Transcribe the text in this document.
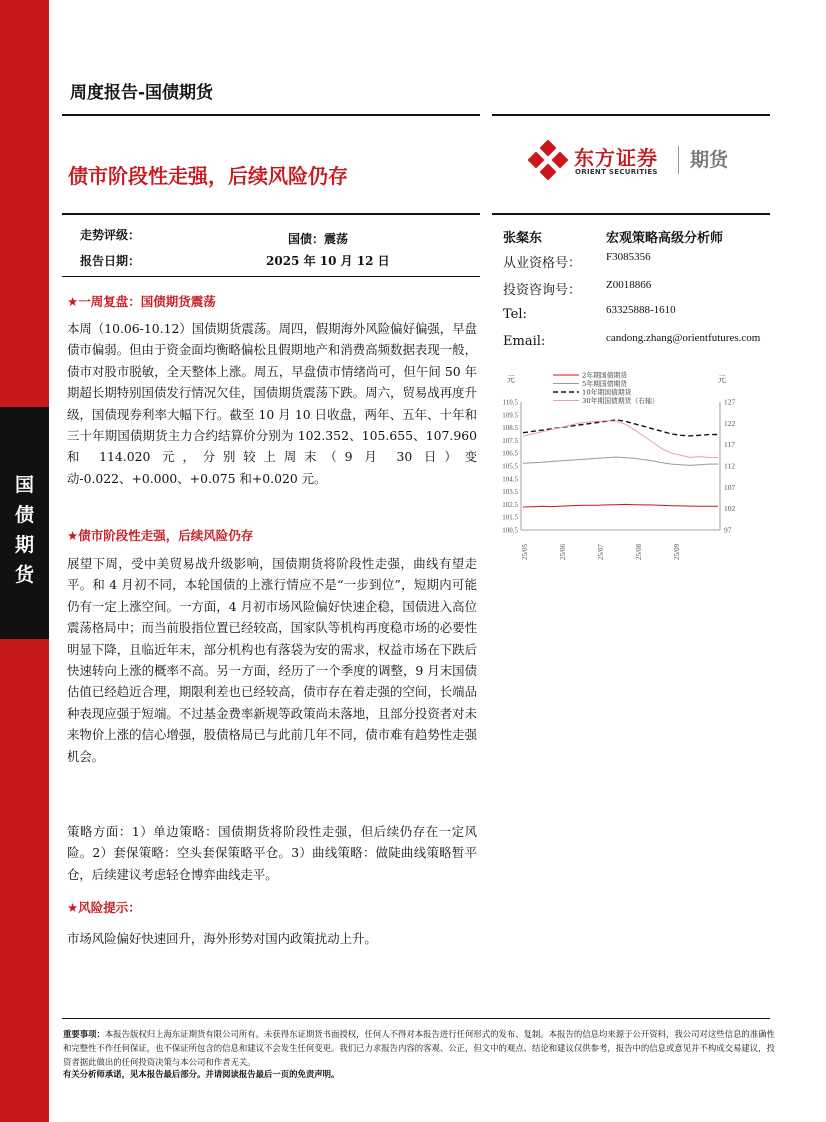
国
债
期
货
周度报告-国债期货
债市阶段性走强，后续风险仍存
东方证券
ORIENT SECURITIES
期货
走势评级：	国债：震荡
报告日期：	2025 年 10 月 12 日
张粲东	宏观策略高级分析师
从业资格号： F3085356
投资咨询号： Z0018866
Tel:	63325888-1610
Email:	candong.zhang@orientfutures.com
★一周复盘：国债期货震荡
本周（10.06-10.12）国债期货震荡。周四，假期海外风险偏好偏强，早盘债市偏弱。但由于资金面均衡略偏松且假期地产和消费高频数据表现一般，债市对股市脱敏，全天整体上涨。周五，早盘债市情绪尚可，但午间 50 年期超长期特别国债发行情况欠佳，国债期货震荡下跌。周六，贸易战再度升级，国债现券利率大幅下行。截至 10 月 10 日收盘，两年、五年、十年和三十年期国债期货主力合约结算价分别为 102.352、105.655、107.960 和 114.020 元，分别较上周末（9 月 30 日）变动-0.022、+0.000、+0.075 和+0.020 元。
★债市阶段性走强，后续风险仍存
展望下周，受中美贸易战升级影响，国债期货将阶段性走强，曲线有望走平。和 4 月初不同，本轮国债的上涨行情应不是“一步到位”，短期内可能仍有一定上涨空间。一方面，4 月初市场风险偏好快速企稳，国债进入高位震荡格局中；而当前股指位置已经较高，国家队等机构再度稳市场的必要性明显下降，且临近年末，部分机构也有落袋为安的需求，权益市场在下跌后快速转向上涨的概率不高。另一方面，经历了一个季度的调整，9 月末国债估值已经趋近合理，期限利差也已经较高，债市存在着走强的空间，长端品种表现应强于短端。不过基金费率新规等政策尚未落地，且部分投资者对未来物价上涨的信心增强，股债格局已与此前几年不同，债市难有趋势性走强机会。
策略方面：1）单边策略：国债期货将阶段性走强，但后续仍存在一定风险。2）套保策略：空头套保策略平仓。3）曲线策略：做陡曲线策略暂平仓，后续建议考虑轻仓博弈曲线走平。
★风险提示：
市场风险偏好快速回升，海外形势对国内政策扰动上升。
元	元
110.5
109.5
108.5
107.5
106.5
105.5
104.5
103.5
102.5
101.5
100.5
127
122
117
112
107
102
97
25/05	25/06	25/07	25/08	25/09
2年期国债期货
5年期国债期货
10年期国债期货
30年期国债期货（右轴）
重要事项：本报告版权归上海东证期货有限公司所有。未获得东证期货书面授权，任何人不得对本报告进行任何形式的发布、复制。本报告的信息均来源于公开资料，我公司对这些信息的准确性和完整性不作任何保证，也不保证所包含的信息和建议不会发生任何变更。我们已力求报告内容的客观、公正，但文中的观点、结论和建议仅供参考，报告中的信息或意见并不构成交易建议，投资者据此做出的任何投资决策与本公司和作者无关。
有关分析师承诺，见本报告最后部分。并请阅读报告最后一页的免责声明。
